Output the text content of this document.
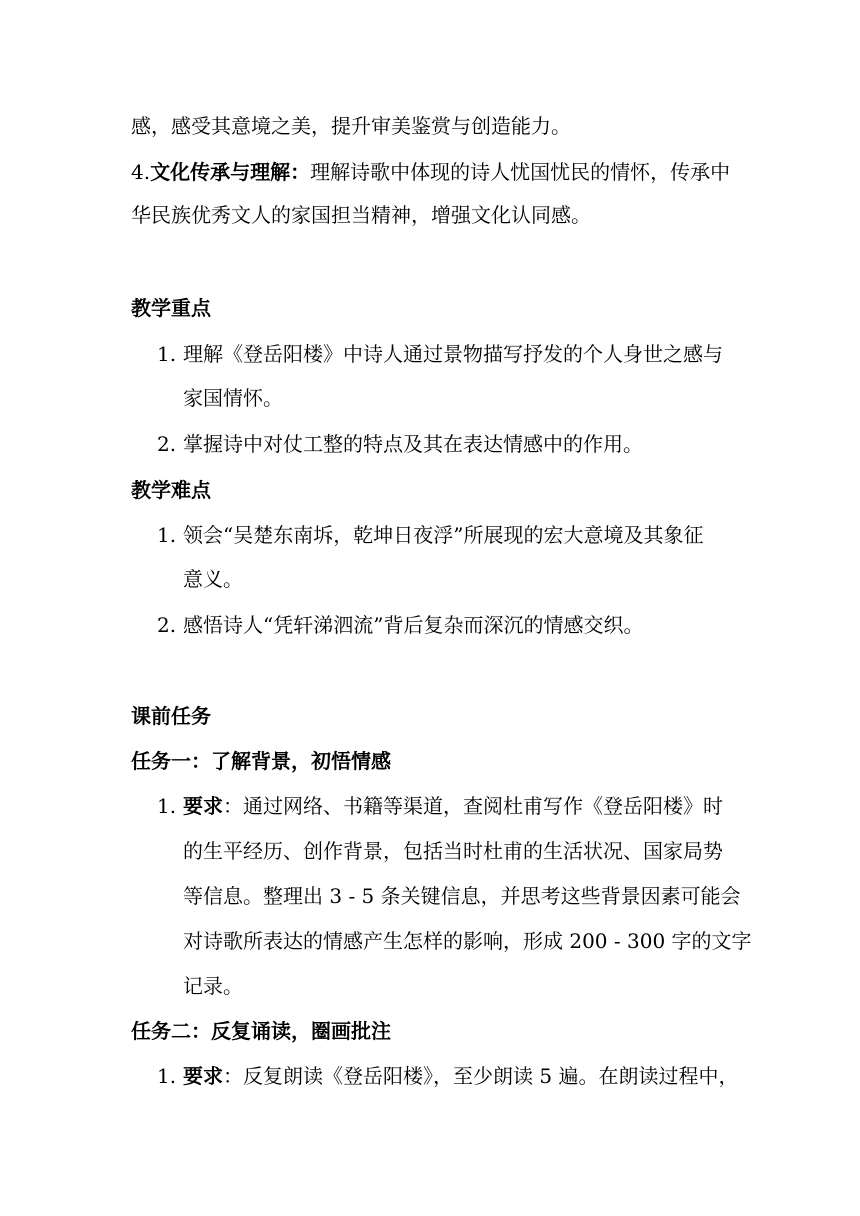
感，感受其意境之美，提升审美鉴赏与创造能力。

4.文化传承与理解：理解诗歌中体现的诗人忧国忧民的情怀，传承中

华民族优秀文人的家国担当精神，增强文化认同感。

教学重点

1. 理解《登岳阳楼》中诗人通过景物描写抒发的个人身世之感与

家国情怀。

2. 掌握诗中对仗工整的特点及其在表达情感中的作用。

教学难点

1. 领会“吴楚东南坼，乾坤日夜浮”所展现的宏大意境及其象征

意义。

2. 感悟诗人“凭轩涕泗流”背后复杂而深沉的情感交织。

课前任务

任务一：了解背景，初悟情感

1. 要求：通过网络、书籍等渠道，查阅杜甫写作《登岳阳楼》时

的生平经历、创作背景，包括当时杜甫的生活状况、国家局势

等信息。整理出 3 - 5 条关键信息，并思考这些背景因素可能会

对诗歌所表达的情感产生怎样的影响，形成 200 - 300 字的文字

记录。

任务二：反复诵读，圈画批注

1. 要求：反复朗读《登岳阳楼》，至少朗读 5 遍。在朗读过程中，
